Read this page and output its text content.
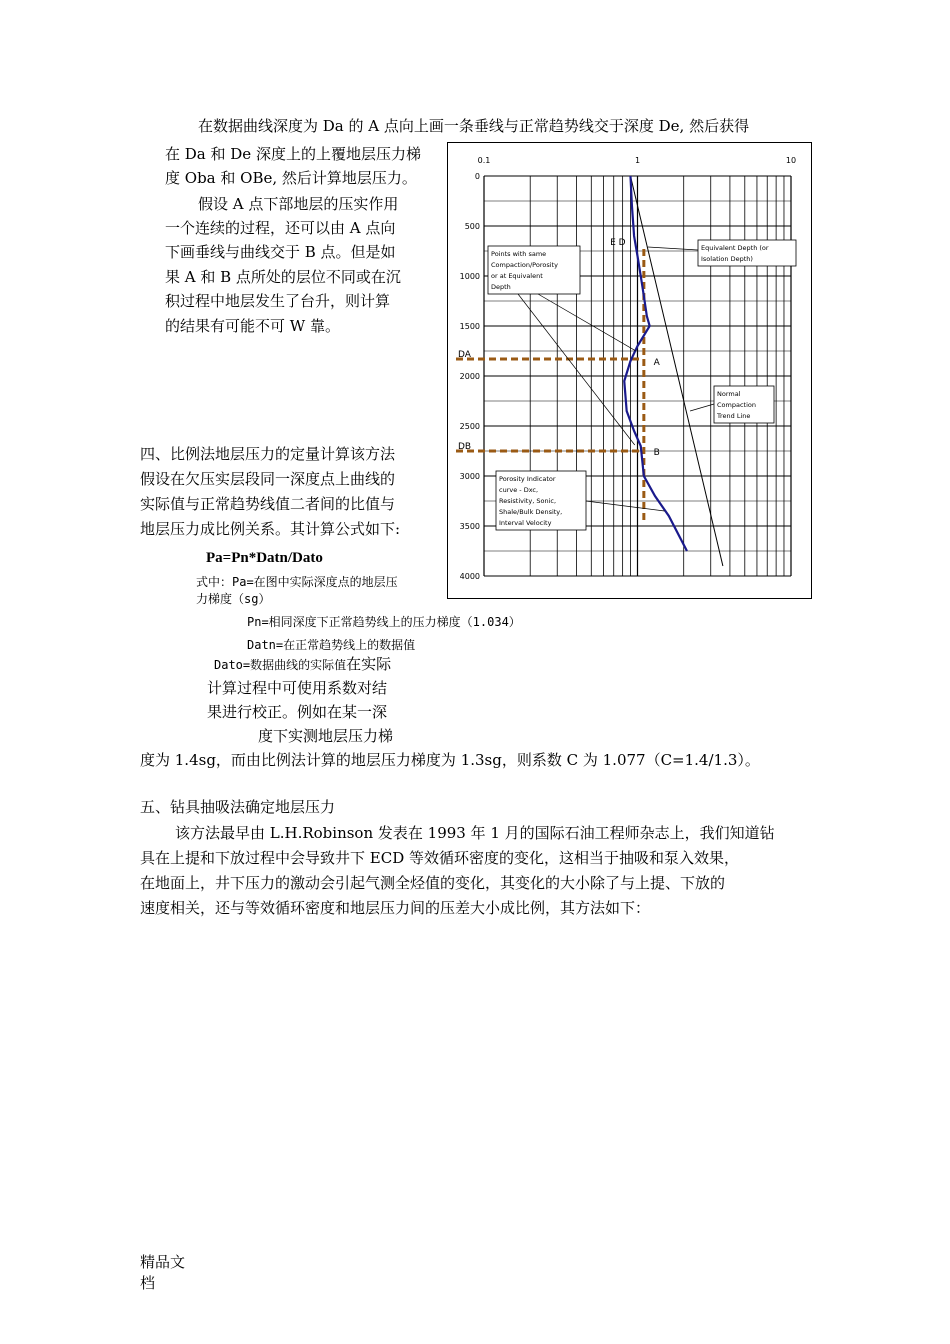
在数据曲线深度为 Da 的 A 点向上画一条垂线与正常趋势线交于深度 De, 然后获得
在 Da 和 De 深度上的上覆地层压力梯
度 Oba 和 OBe, 然后计算地层压力。
假设 A 点下部地层的压实作用
一个连续的过程，还可以由 A 点向
下画垂线与曲线交于 B 点。但是如
果 A 和 B 点所处的层位不同或在沉
积过程中地层发生了台升，则计算
的结果有可能不可 W 靠。
0.1	1	10
0
500
1000
1500
2000
2500
3000
3500
4000
DA
DB
A
B
E D
Points with same
Compaction/Porosity
or at Equivalent
Depth
Equivalent Depth (or
Isolation Depth)
Normal
Compaction
Trend Line
Porosity Indicator
curve - Dxc,
Resistivity, Sonic,
Shale/Bulk Density,
Interval Velocity
四、比例法地层压力的定量计算该方法
假设在欠压实层段同一深度点上曲线的
实际值与正常趋势线值二者间的比值与
地层压力成比例关系。其计算公式如下:
Pa=Pn*Datn/Dato
式中：Pa=在图中实际深度点的地层压
力梯度（sg）
Pn=相同深度下正常趋势线上的压力梯度（1.034）
Datn=在正常趋势线上的数据值
Dato=数据曲线的实际值在实际
计算过程中可使用系数对结
果进行校正。例如在某一深
度下实测地层压力梯
度为 1.4sg，而由比例法计算的地层压力梯度为 1.3sg，则系数 C 为 1.077（C=1.4/1.3）。
五、钻具抽吸法确定地层压力
该方法最早由 L.H.Robinson 发表在 1993 年 1 月的国际石油工程师杂志上，我们知道钻
具在上提和下放过程中会导致井下 ECD 等效循环密度的变化，这相当于抽吸和泵入效果，
在地面上，井下压力的激动会引起气测全烃值的变化，其变化的大小除了与上提、下放的
速度相关，还与等效循环密度和地层压力间的压差大小成比例，其方法如下：
精品文
档
